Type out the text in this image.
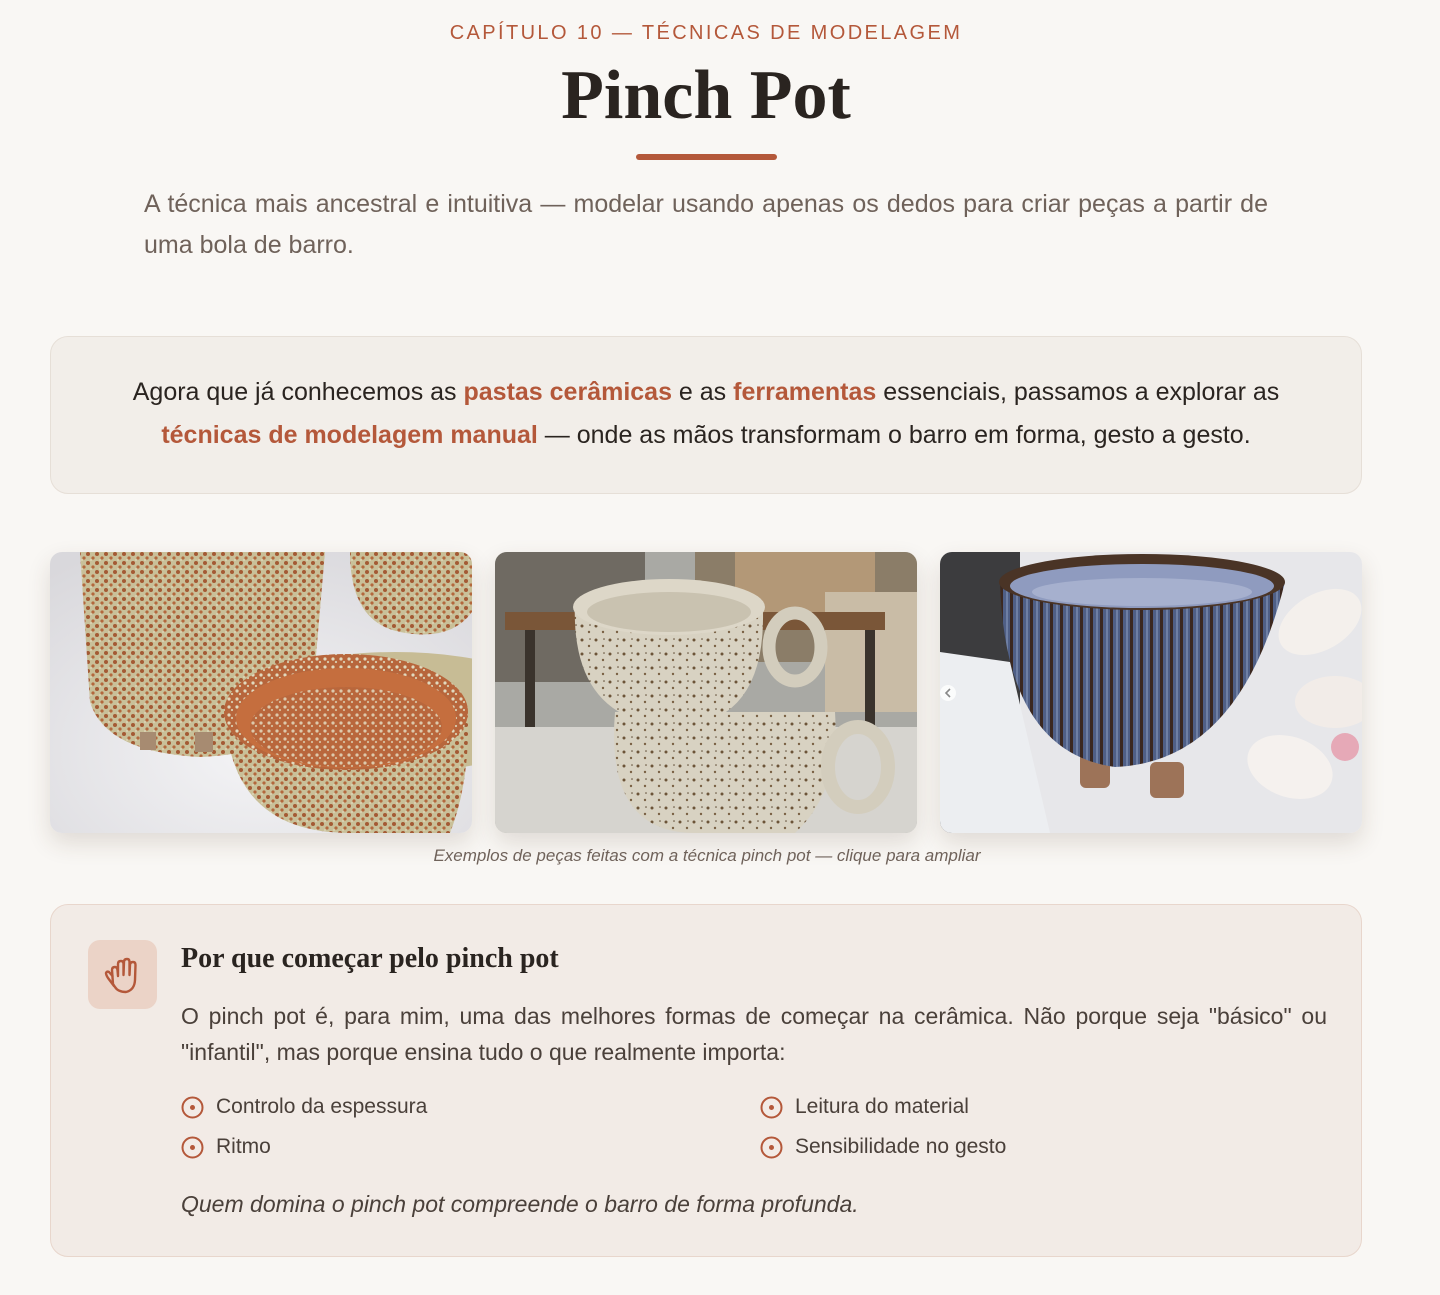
CAPÍTULO 10 — TÉCNICAS DE MODELAGEM
Pinch Pot

A técnica mais ancestral e intuitiva — modelar usando apenas os dedos para criar peças a partir de uma bola de barro.

Agora que já conhecemos as pastas cerâmicas e as ferramentas essenciais, passamos a explorar as
técnicas de modelagem manual — onde as mãos transformam o barro em forma, gesto a gesto.
Exemplos de peças feitas com a técnica pinch pot — clique para ampliar
Por que começar pelo pinch pot

O pinch pot é, para mim, uma das melhores formas de começar na cerâmica. Não porque seja "básico" ou "infantil", mas porque ensina tudo o que realmente importa:

Controlo da espessura	Leitura do material
Ritmo	Sensibilidade no gesto

Quem domina o pinch pot compreende o barro de forma profunda.
